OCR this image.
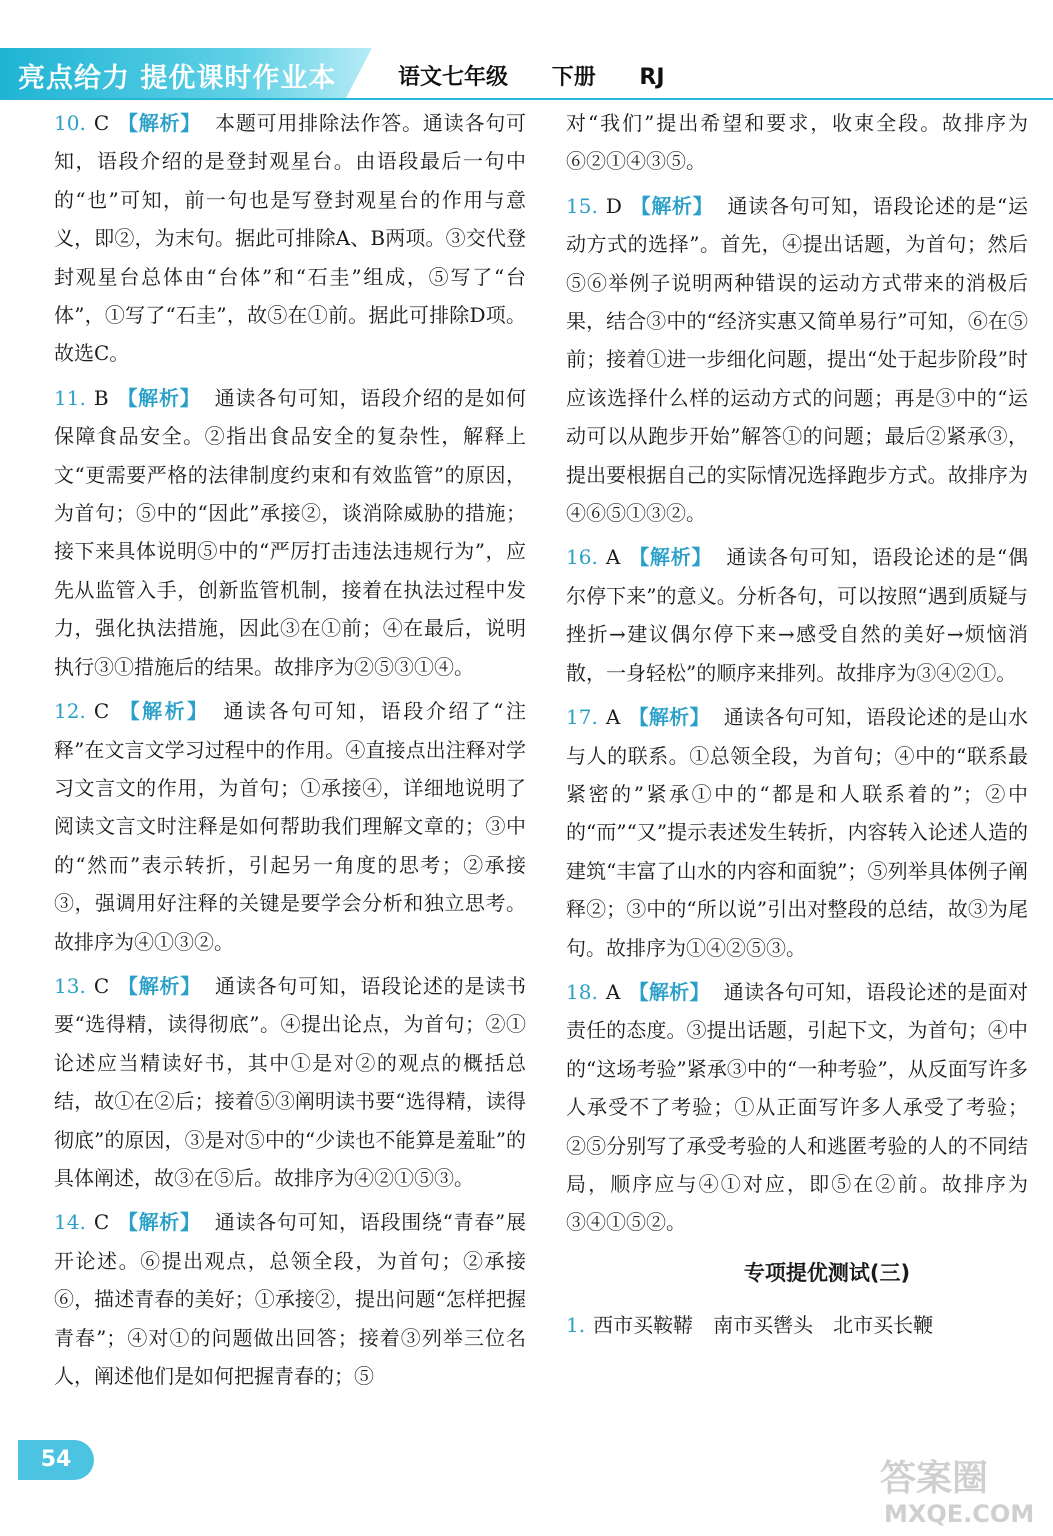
亮点给力 提优课时作业本	语文七年级 下册 RJ
10. C 【解析】 本题可用排除法作答。通读各句可知，语段介绍的是登封观星台。由语段最后一句中的“也”可知，前一句也是写登封观星台的作用与意义，即②，为末句。据此可排除A、B两项。③交代登封观星台总体由“台体”和“石圭”组成，⑤写了“台体”，①写了“石圭”，故⑤在①前。据此可排除D项。故选C。
11. B 【解析】 通读各句可知，语段介绍的是如何保障食品安全。②指出食品安全的复杂性，解释上文“更需要严格的法律制度约束和有效监管”的原因，为首句；⑤中的“因此”承接②，谈消除威胁的措施；接下来具体说明⑤中的“严厉打击违法违规行为”，应先从监管入手，创新监管机制，接着在执法过程中发力，强化执法措施，因此③在①前；④在最后，说明执行③①措施后的结果。故排序为②⑤③①④。
12. C 【解析】 通读各句可知，语段介绍了“注释”在文言文学习过程中的作用。④直接点出注释对学习文言文的作用，为首句；①承接④，详细地说明了阅读文言文时注释是如何帮助我们理解文章的；③中的“然而”表示转折，引起另一角度的思考；②承接③，强调用好注释的关键是要学会分析和独立思考。故排序为④①③②。
13. C 【解析】 通读各句可知，语段论述的是读书要“选得精，读得彻底”。④提出论点，为首句；②①论述应当精读好书，其中①是对②的观点的概括总结，故①在②后；接着⑤③阐明读书要“选得精，读得彻底”的原因，③是对⑤中的“少读也不能算是羞耻”的具体阐述，故③在⑤后。故排序为④②①⑤③。
14. C 【解析】 通读各句可知，语段围绕“青春”展开论述。⑥提出观点，总领全段，为首句；②承接⑥，描述青春的美好；①承接②，提出问题“怎样把握青春”；④对①的问题做出回答；接着③列举三位名人，阐述他们是如何把握青春的；⑤
对“我们”提出希望和要求，收束全段。故排序为⑥②①④③⑤。
15. D 【解析】 通读各句可知，语段论述的是“运动方式的选择”。首先，④提出话题，为首句；然后⑤⑥举例子说明两种错误的运动方式带来的消极后果，结合③中的“经济实惠又简单易行”可知，⑥在⑤前；接着①进一步细化问题，提出“处于起步阶段”时应该选择什么样的运动方式的问题；再是③中的“运动可以从跑步开始”解答①的问题；最后②紧承③，提出要根据自己的实际情况选择跑步方式。故排序为④⑥⑤①③②。
16. A 【解析】 通读各句可知，语段论述的是“偶尔停下来”的意义。分析各句，可以按照“遇到质疑与挫折→建议偶尔停下来→感受自然的美好→烦恼消散，一身轻松”的顺序来排列。故排序为③④②①。
17. A 【解析】 通读各句可知，语段论述的是山水与人的联系。①总领全段，为首句；④中的“联系最紧密的”紧承①中的“都是和人联系着的”；②中的“而”“又”提示表述发生转折，内容转入论述人造的建筑“丰富了山水的内容和面貌”；⑤列举具体例子阐释②；③中的“所以说”引出对整段的总结，故③为尾句。故排序为①④②⑤③。
18. A 【解析】 通读各句可知，语段论述的是面对责任的态度。③提出话题，引起下文，为首句；④中的“这场考验”紧承③中的“一种考验”，从反面写许多人承受不了考验；①从正面写许多人承受了考验；②⑤分别写了承受考验的人和逃匿考验的人的不同结局，顺序应与④①对应，即⑤在②前。故排序为③④①⑤②。
专项提优测试(三)
1. 西市买鞍鞯　南市买辔头　北市买长鞭
54	答案圈
MXQE.COM
